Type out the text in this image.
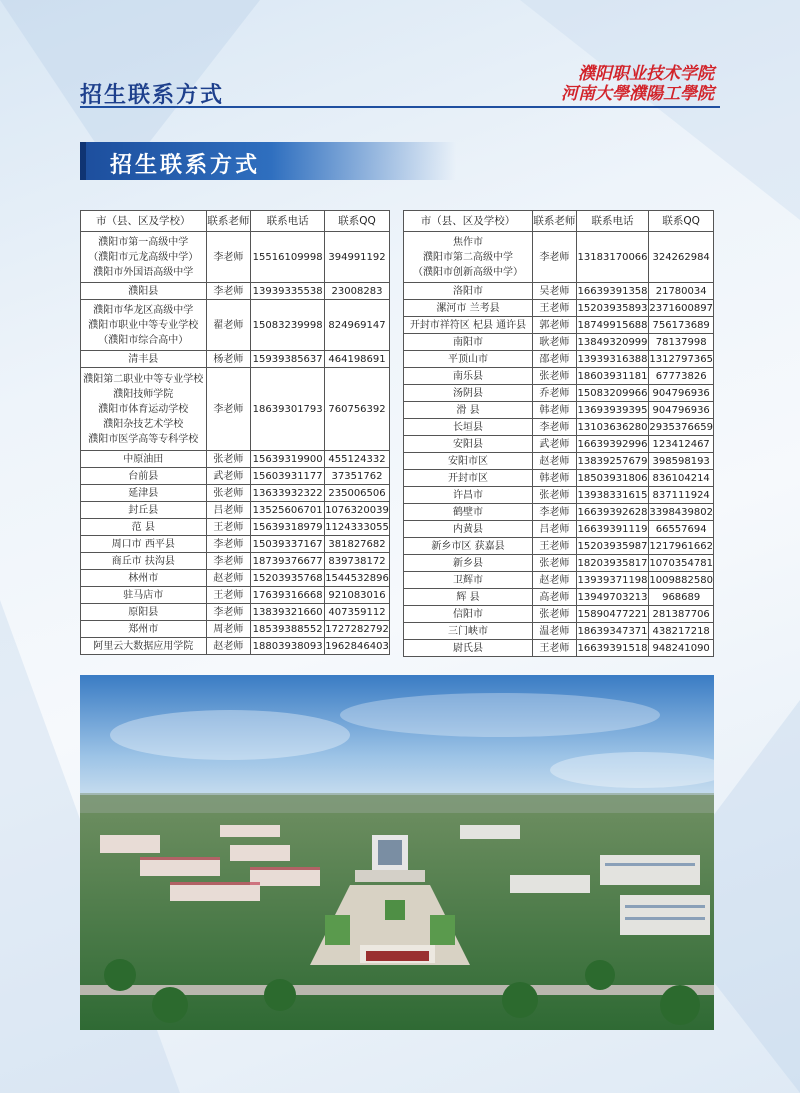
招生联系方式
濮阳职业技术学院
河南大學濮陽工學院
招生联系方式
市（县、区及学校）	联系老师	联系电话	联系QQ

濮阳市第一高级中学
（濮阳市元龙高级中学）
濮阳市外国语高级中学	李老师	15516109998	394991192

濮阳县	李老师	13939335538	23008283

濮阳市华龙区高级中学
濮阳市职业中等专业学校
（濮阳市综合高中）	翟老师	15083239998	824969147

清丰县	杨老师	15939385637	464198691

濮阳第二职业中等专业学校
濮阳技师学院
濮阳市体育运动学校
濮阳杂技艺术学校
濮阳市医学高等专科学校	李老师	18639301793	760756392

中原油田	张老师	15639319900	455124332

台前县	武老师	15603931177	37351762

延津县	张老师	13633932322	235006506

封丘县	吕老师	13525606701	1076320039

范 县	王老师	15639318979	1124333055

周口市 西平县	李老师	15039337167	381827682

商丘市 扶沟县	李老师	18739376677	839738172

林州市	赵老师	15203935768	1544532896

驻马店市	王老师	17639316668	921083016

原阳县	李老师	13839321660	407359112

郑州市	周老师	18539388552	1727282792

阿里云大数据应用学院	赵老师	18803938093	1962846403
市（县、区及学校）	联系老师	联系电话	联系QQ

焦作市
濮阳市第二高级中学
（濮阳市创新高级中学）	李老师	13183170066	324262984

洛阳市	吴老师	16639391358	21780034

漯河市 兰考县	王老师	15203935893	2371600897

开封市祥符区 杞县 通许县	郭老师	18749915688	756173689

南阳市	耿老师	13849320999	78137998

平顶山市	邵老师	13939316388	1312797365

南乐县	张老师	18603931181	67773826

汤阴县	乔老师	15083209966	904796936

滑 县	韩老师	13693939395	904796936

长垣县	李老师	13103636280	2935376659

安阳县	武老师	16639392996	123412467

安阳市区	赵老师	13839257679	398598193

开封市区	韩老师	18503931806	836104214

许昌市	张老师	13938331615	837111924

鹤壁市	李老师	16639392628	3398439802

内黄县	吕老师	16639391119	66557694

新乡市区 获嘉县	王老师	15203935987	1217961662

新乡县	张老师	18203935817	1070354781

卫辉市	赵老师	13939371198	1009882580

辉 县	高老师	13949703213	968689

信阳市	张老师	15890477221	281387706

三门峡市	温老师	18639347371	438217218

尉氏县	王老师	16639391518	948241090
